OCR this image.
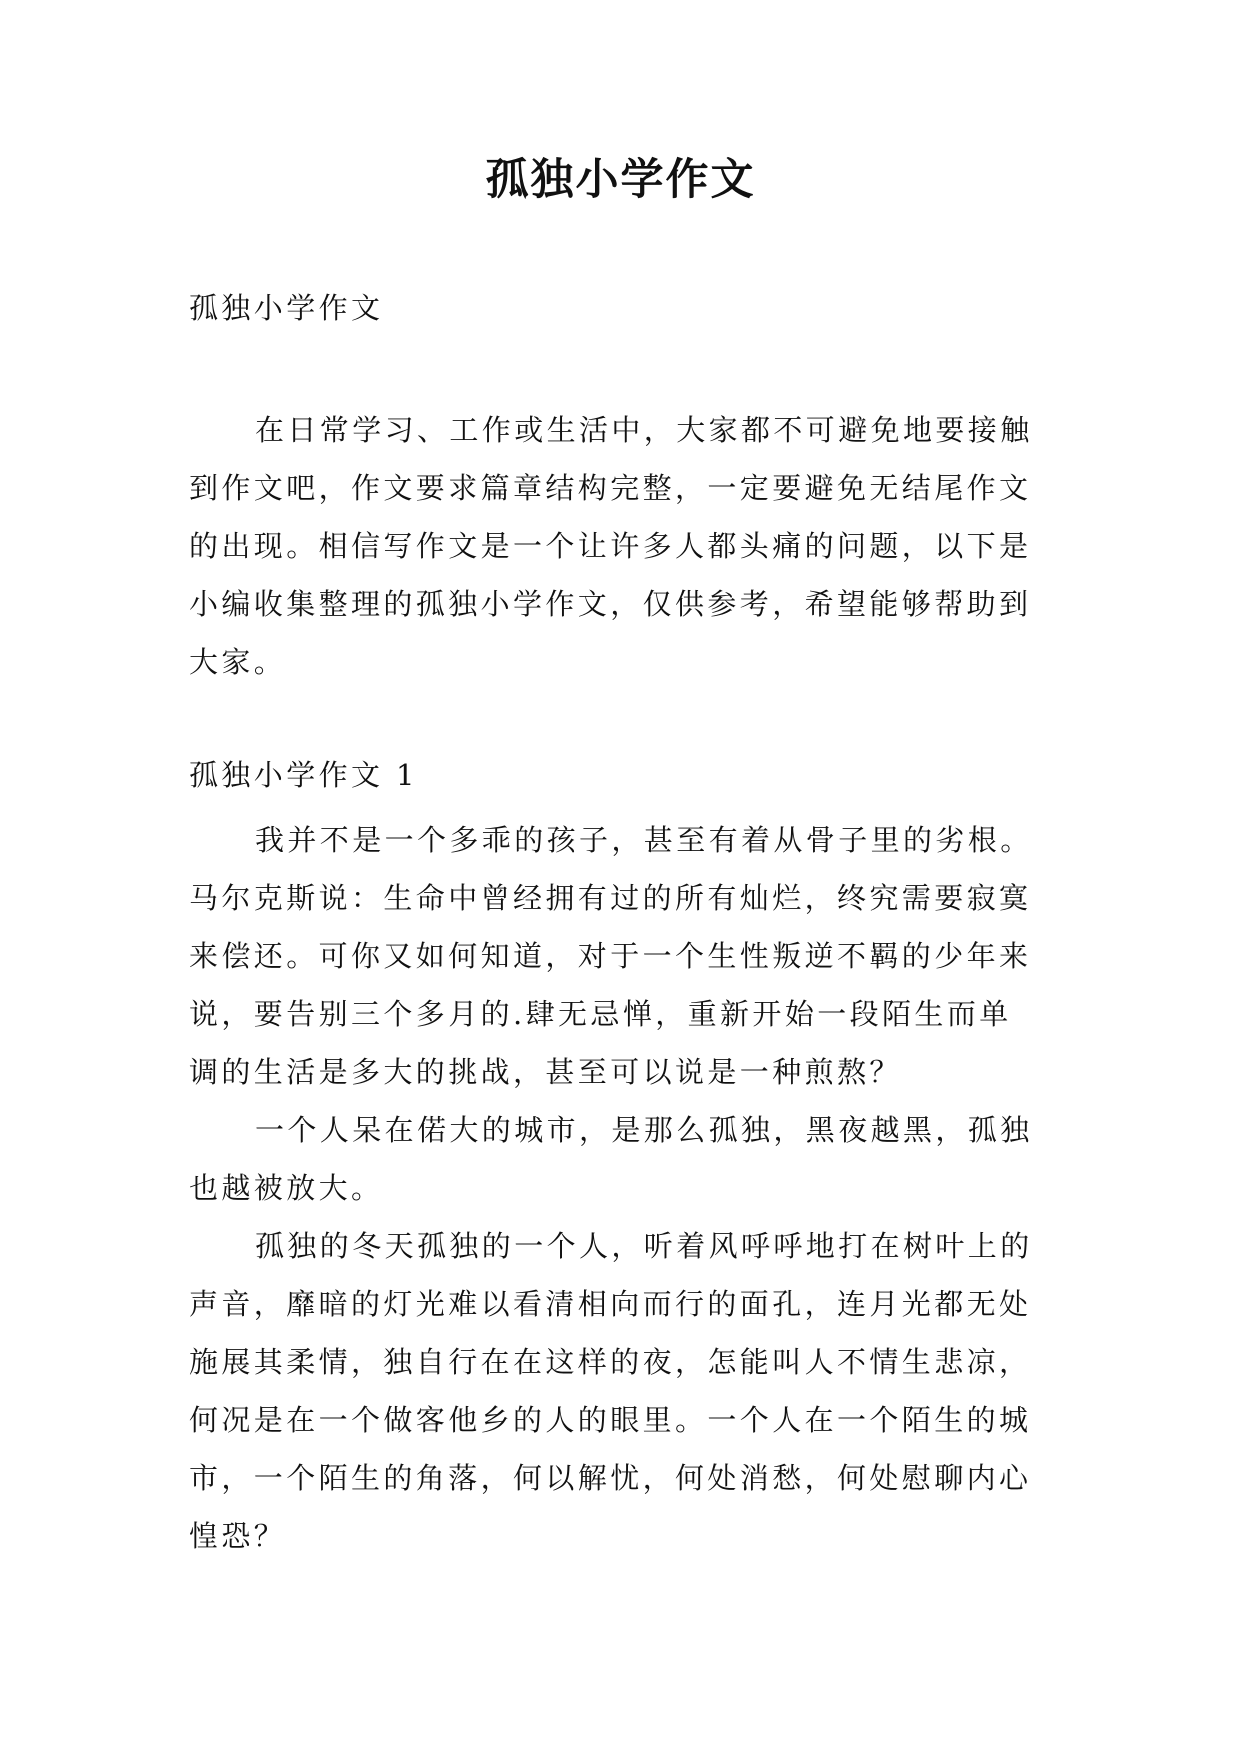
孤独小学作文
孤独小学作文
在日常学习、工作或生活中，大家都不可避免地要接触
到作文吧，作文要求篇章结构完整，一定要避免无结尾作文
的出现。相信写作文是一个让许多人都头痛的问题，以下是
小编收集整理的孤独小学作文，仅供参考，希望能够帮助到
大家。
孤独小学作文 1
我并不是一个多乖的孩子，甚至有着从骨子里的劣根。
马尔克斯说：生命中曾经拥有过的所有灿烂，终究需要寂寞
来偿还。可你又如何知道，对于一个生性叛逆不羁的少年来
说，要告别三个多月的.肆无忌惮，重新开始一段陌生而单
调的生活是多大的挑战，甚至可以说是一种煎熬？
一个人呆在偌大的城市，是那么孤独，黑夜越黑，孤独
也越被放大。
孤独的冬天孤独的一个人，听着风呼呼地打在树叶上的
声音，靡暗的灯光难以看清相向而行的面孔，连月光都无处
施展其柔情，独自行在在这样的夜，怎能叫人不情生悲凉，
何况是在一个做客他乡的人的眼里。一个人在一个陌生的城
市，一个陌生的角落，何以解忧，何处消愁，何处慰聊内心
惶恐？
